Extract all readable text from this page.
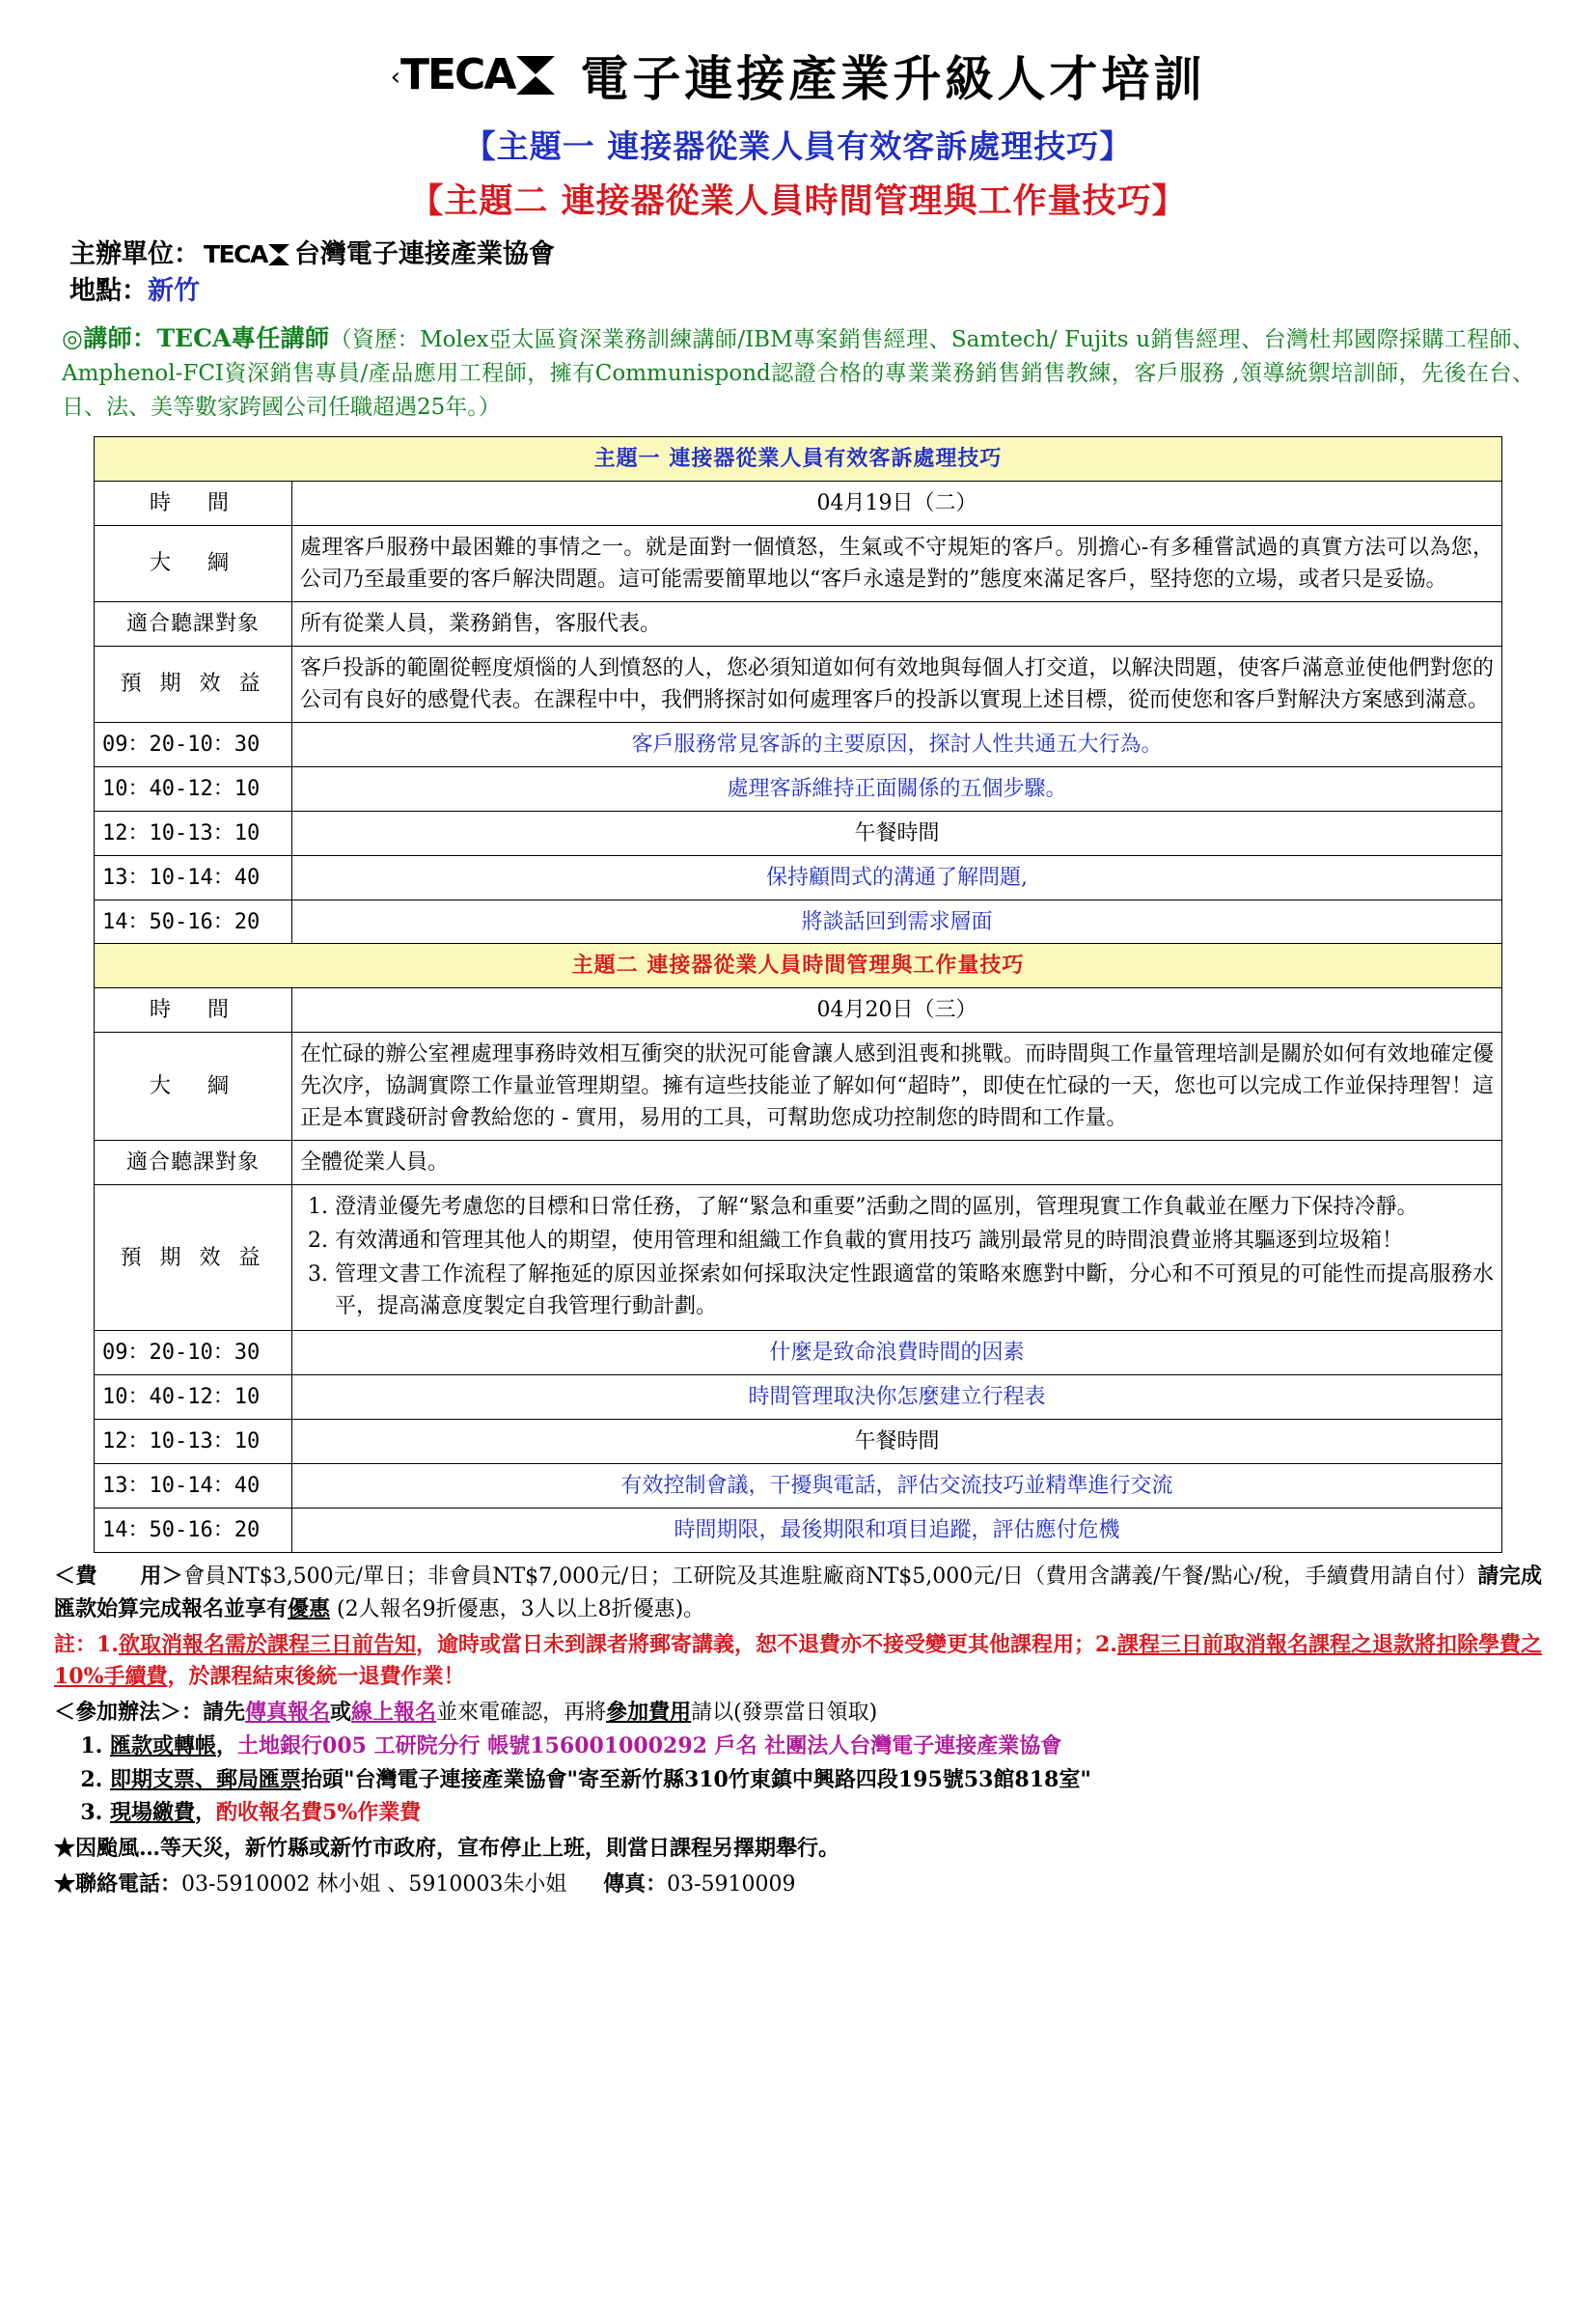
‹ TECA 電子連接產業升級人才培訓
【主題一 連接器從業人員有效客訴處理技巧】
【主題二 連接器從業人員時間管理與工作量技巧】
主辦單位： TECA	台灣電子連接產業協會
地點： 新竹
◎講師：TECA專任講師（資歷：Molex亞太區資深業務訓練講師/IBM專案銷售經理、Samtech/ Fujits u銷售經理、台灣杜邦國際採購工程師、Amphenol-FCI資深銷售專員/產品應用工程師，擁有Communispond認證合格的專業業務銷售銷售教練，客戶服務 ,領導統禦培訓師，先後在台、日、法、美等數家跨國公司任職超遇25年。）
主題一 連接器從業人員有效客訴處理技巧	
時　間	04月19日（二）
大　綱	處理客戶服務中最困難的事情之一。就是面對一個憤怒，生氣或不守規矩的客戶。別擔心-有多種嘗試過的真實方法可以為您，公司乃至最重要的客戶解決問題。這可能需要簡單地以“客戶永遠是對的”態度來滿足客戶，堅持您的立場，或者只是妥協。
適合聽課對象	所有從業人員，業務銷售，客服代表。
預 期 效 益	客戶投訴的範圍從輕度煩惱的人到憤怒的人，您必須知道如何有效地與每個人打交道，以解決問題，使客戶滿意並使他們對您的公司有良好的感覺代表。在課程中中，我們將探討如何處理客戶的投訴以實現上述目標，從而使您和客戶對解決方案感到滿意。
09：20-10：30	客戶服務常見客訴的主要原因，探討人性共通五大行為。
10：40-12：10	處理客訴維持正面關係的五個步驟。
12：10-13：10	午餐時間
13：10-14：40	保持顧問式的溝通了解問題,
14：50-16：20	將談話回到需求層面
主題二 連接器從業人員時間管理與工作量技巧	
時　間	04月20日（三）
大　綱	在忙碌的辦公室裡處理事務時效相互衝突的狀況可能會讓人感到沮喪和挑戰。而時間與工作量管理培訓是關於如何有效地確定優先次序，協調實際工作量並管理期望。擁有這些技能並了解如何“超時”，即使在忙碌的一天，您也可以完成工作並保持理智！這正是本實踐研討會教給您的 - 實用，易用的工具，可幫助您成功控制您的時間和工作量。
適合聽課對象	全體從業人員。
預 期 效 益	
1. 澄清並優先考慮您的目標和日常任務，了解“緊急和重要”活動之間的區別，管理現實工作負載並在壓力下保持冷靜。
2. 有效溝通和管理其他人的期望，使用管理和組織工作負載的實用技巧 識別最常見的時間浪費並將其驅逐到垃圾箱！
3. 管理文書工作流程了解拖延的原因並探索如何採取決定性跟適當的策略來應對中斷，分心和不可預見的可能性而提高服務水平，提高滿意度製定自我管理行動計劃。

09：20-10：30	什麼是致命浪費時間的因素
10：40-12：10	時間管理取決你怎麼建立行程表
12：10-13：10	午餐時間
13：10-14：40	有效控制會議，干擾與電話，評估交流技巧並精準進行交流
14：50-16：20	時間期限，最後期限和項目追蹤，評估應付危機
＜費　　用＞會員NT$3,500元/單日；非會員NT$7,000元/日；工研院及其進駐廠商NT$5,000元/日（費用含講義/午餐/點心/稅，手續費用請自付）請完成匯款始算完成報名並享有優惠 (2人報名9折優惠，3人以上8折優惠)。
註：1.欲取消報名需於課程三日前告知，逾時或當日未到課者將郵寄講義，恕不退費亦不接受變更其他課程用；2.課程三日前取消報名課程之退款將扣除學費之10%手續費，於課程結束後統一退費作業！
＜參加辦法＞：請先傳真報名或線上報名並來電確認，再將參加費用請以(發票當日領取)
1. 匯款或轉帳，土地銀行005 工研院分行 帳號156001000292 戶名 社團法人台灣電子連接產業協會
2. 即期支票、郵局匯票抬頭"台灣電子連接產業協會"寄至新竹縣310竹東鎮中興路四段195號53館818室"
3. 現場繳費，酌收報名費5%作業費
★因颱風…等天災，新竹縣或新竹市政府，宣布停止上班，則當日課程另擇期舉行。
★聯絡電話：03-5910002 林小姐 、5910003朱小姐 傳真：03-5910009
